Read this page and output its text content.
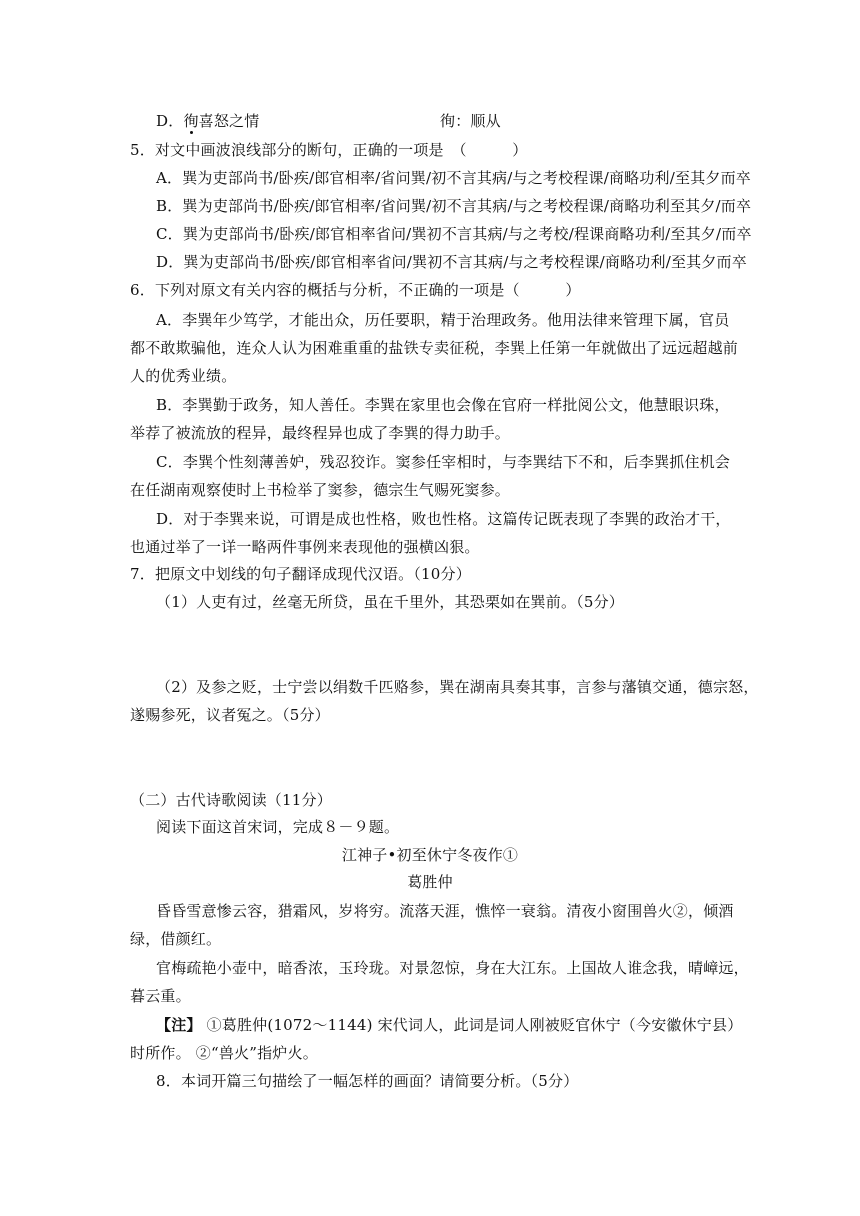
D．徇喜怒之情	徇：顺从
5．对文中画波浪线部分的断句，正确的一项是　（　　　）
A．巽为吏部尚书/卧疾/郎官相率/省问巽/初不言其病/与之考校程课/商略功利/至其夕而卒
B．巽为吏部尚书/卧疾/郎官相率/省问巽/初不言其病/与之考校程课/商略功利至其夕/而卒
C．巽为吏部尚书/卧疾/郎官相率省问/巽初不言其病/与之考校/程课商略功利/至其夕/而卒
D．巽为吏部尚书/卧疾/郎官相率省问/巽初不言其病/与之考校程课/商略功利/至其夕而卒
6．下列对原文有关内容的概括与分析，不正确的一项是（　　　）
A．李巽年少笃学，才能出众，历任要职，精于治理政务。他用法律来管理下属，官员
都不敢欺骗他，连众人认为困难重重的盐铁专卖征税，李巽上任第一年就做出了远远超越前
人的优秀业绩。
B．李巽勤于政务，知人善任。李巽在家里也会像在官府一样批阅公文，他慧眼识珠，
举荐了被流放的程异，最终程异也成了李巽的得力助手。
C．李巽个性刻薄善妒，残忍狡诈。窦参任宰相时，与李巽结下不和，后李巽抓住机会
在任湖南观察使时上书检举了窦参，德宗生气赐死窦参。
D．对于李巽来说，可谓是成也性格，败也性格。这篇传记既表现了李巽的政治才干，
也通过举了一详一略两件事例来表现他的强横凶狠。
7．把原文中划线的句子翻译成现代汉语。（10分）
（1）人吏有过，丝毫无所贷，虽在千里外，其恐栗如在巽前。（5分）
（2）及参之贬，士宁尝以绢数千匹赂参，巽在湖南具奏其事，言参与藩镇交通，德宗怒，
遂赐参死，议者冤之。（5分）
（二）古代诗歌阅读（11分）
阅读下面这首宋词，完成８－９题。
江神子•初至休宁冬夜作①
葛胜仲
昏昏雪意惨云容，猎霜风，岁将穷。流落天涯，憔悴一衰翁。清夜小窗围兽火②，倾酒
绿，借颜红。
官梅疏艳小壶中，暗香浓，玉玲珑。对景忽惊，身在大江东。上国故人谁念我，晴嶂远，
暮云重。
【注】 ①葛胜仲(1072～1144) 宋代词人，此词是词人刚被贬官休宁（今安徽休宁县）
时所作。 ②“兽火”指炉火。
8．本词开篇三句描绘了一幅怎样的画面？请简要分析。（5分）
